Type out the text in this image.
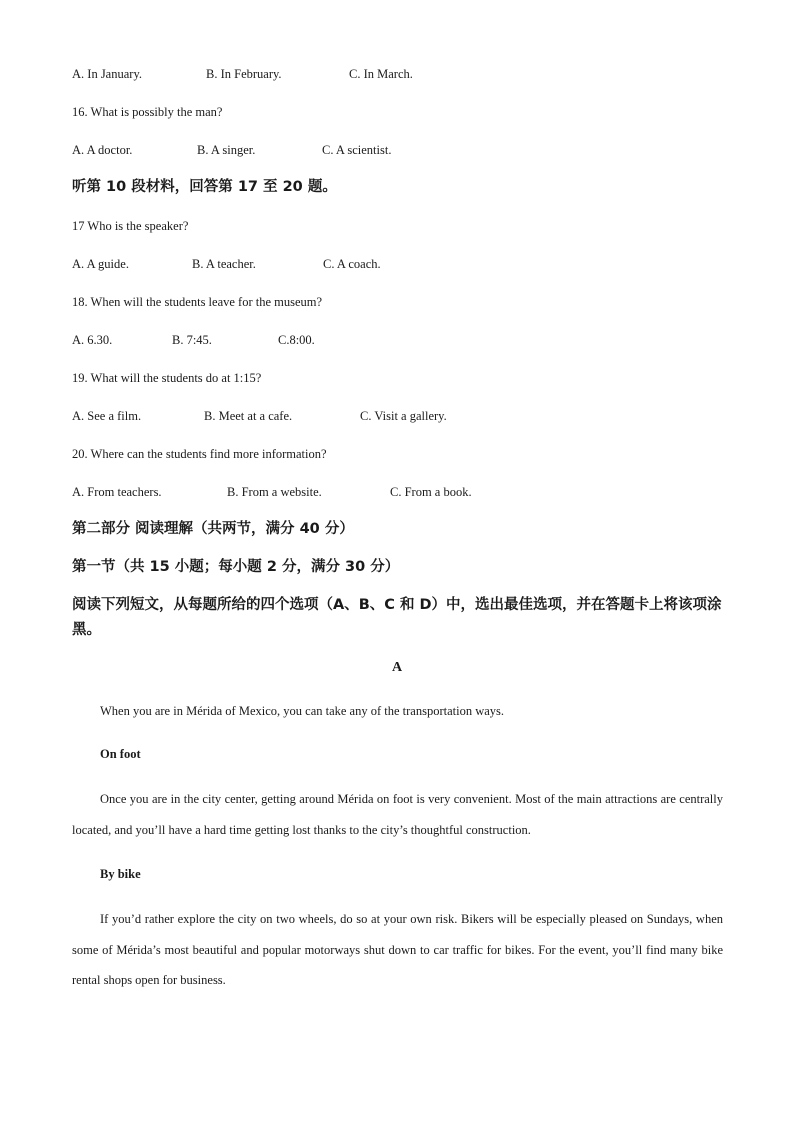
A. In January.	B. In February.	C. In March.
16. What is possibly the man?
A. A doctor.	B. A singer.	C. A scientist.
听第 10 段材料，回答第 17 至 20 题。
17 Who is the speaker?
A. A guide.	B. A teacher.	C. A coach.
18. When will the students leave for the museum?
A. 6.30.	B. 7:45.	C.8:00.
19. What will the students do at 1:15?
A. See a film.	B. Meet at a cafe.	C. Visit a gallery.
20. Where can the students find more information?
A. From teachers.	B. From a website.	C. From a book.
第二部分 阅读理解（共两节，满分 40 分）
第一节（共 15 小题；每小题 2 分，满分 30 分）
阅读下列短文，从每题所给的四个选项（A、B、C 和 D）中，选出最佳选项，并在答题卡上将该项涂黑。
A
When you are in Mérida of Mexico, you can take any of the transportation ways.
On foot
Once you are in the city center, getting around Mérida on foot is very convenient. Most of the main attractions are centrally located, and you’ll have a hard time getting lost thanks to the city’s thoughtful construction.
By bike
If you’d rather explore the city on two wheels, do so at your own risk. Bikers will be especially pleased on Sundays, when some of Mérida’s most beautiful and popular motorways shut down to car traffic for bikes. For the event, you’ll find many bike rental shops open for business.
